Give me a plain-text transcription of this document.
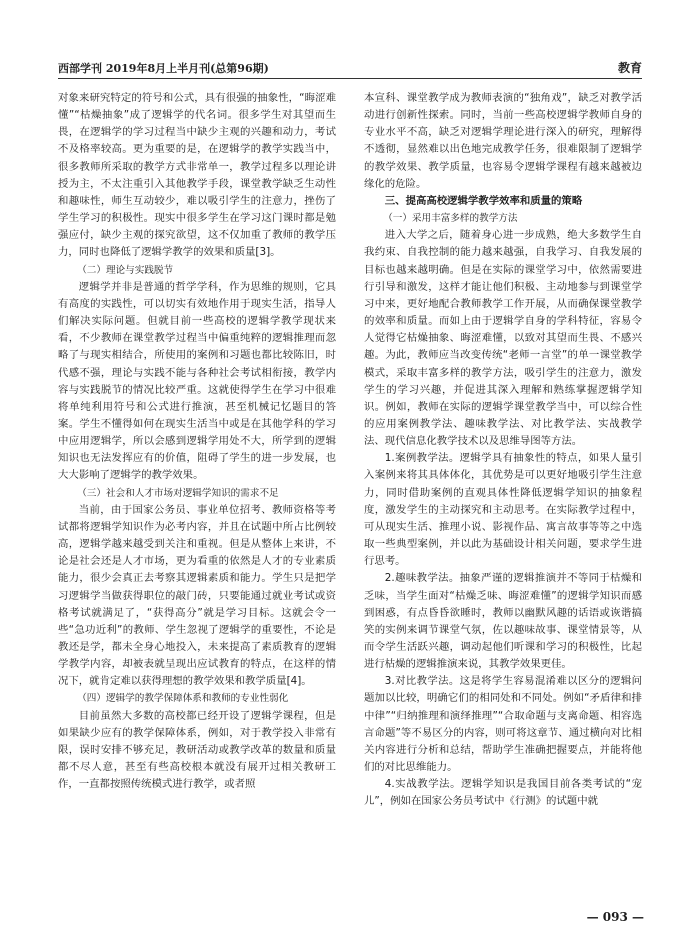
西部学刊 2019年8月上半月刊(总第96期)	教育

对象来研究特定的符号和公式，具有很强的抽象性，“晦涩难懂”“枯燥抽象”成了逻辑学的代名词。很多学生对其望而生畏，在逻辑学的学习过程当中缺少主观的兴趣和动力，考试不及格率较高。更为重要的是，在逻辑学的教学实践当中，很多教师所采取的教学方式非常单一，教学过程多以理论讲授为主，不太注重引入其他教学手段，课堂教学缺乏生动性和趣味性，师生互动较少，难以吸引学生的注意力，挫伤了学生学习的积极性。现实中很多学生在学习这门课时都是勉强应付，缺少主观的探究欲望，这不仅加重了教师的教学压力，同时也降低了逻辑学教学的效果和质量[3]。

（二）理论与实践脱节

逻辑学并非是普通的哲学学科，作为思维的规则，它具有高度的实践性，可以切实有效地作用于现实生活，指导人们解决实际问题。但就目前一些高校的逻辑学教学现状来看，不少教师在课堂教学过程当中偏重纯粹的逻辑推理而忽略了与现实相结合，所使用的案例和习题也都比较陈旧，时代感不强，理论与实践不能与各种社会考试相衔接，教学内容与实践脱节的情况比较严重。这就使得学生在学习中很难将单纯利用符号和公式进行推演，甚至机械记忆题目的答案。学生不懂得如何在现实生活当中或是在其他学科的学习中应用逻辑学，所以会感到逻辑学用处不大，所学到的逻辑知识也无法发挥应有的价值，阻碍了学生的进一步发展，也大大影响了逻辑学的教学效果。

（三）社会和人才市场对逻辑学知识的需求不足

当前，由于国家公务员、事业单位招考、教师资格等考试都将逻辑学知识作为必考内容，并且在试题中所占比例较高，逻辑学越来越受到关注和重视。但是从整体上来讲，不论是社会还是人才市场，更为看重的依然是人才的专业素质能力，很少会真正去考察其逻辑素质和能力。学生只是把学习逻辑学当做获得职位的敲门砖，只要能通过就业考试或资格考试就满足了，“获得高分”就是学习目标。这就会令一些“急功近利”的教师、学生忽视了逻辑学的重要性，不论是教还是学，都未全身心地投入，未来提高了素质教育的逻辑学教学内容，却被表就呈现出应试教育的特点，在这样的情况下，就肯定难以获得理想的教学效果和教学质量[4]。

（四）逻辑学的教学保障体系和教师的专业性弱化

目前虽然大多数的高校都已经开设了逻辑学课程，但是如果缺少应有的教学保障体系，例如，对于教学投入非常有限，误时安排不够充足，教研活动或教学改革的数量和质量都不尽人意，甚至有些高校根本就没有展开过相关教研工作，一直都按照传统模式进行教学，或者照

本宣科、课堂教学成为教师表演的“独角戏”，缺乏对教学活动进行创新性探索。同时，当前一些高校逻辑学教师自身的专业水平不高，缺乏对逻辑学理论进行深入的研究，理解得不透彻，显然难以出色地完成教学任务，很难限制了逻辑学的教学效果、教学质量，也容易令逻辑学课程有越来越被边缘化的危险。

三、提高高校逻辑学教学效率和质量的策略

（一）采用丰富多样的教学方法

进入大学之后，随着身心进一步成熟，绝大多数学生自我约束、自我控制的能力越来越强，自我学习、自我发展的目标也越来越明确。但是在实际的课堂学习中，依然需要进行引导和激发，这样才能让他们积极、主动地参与到课堂学习中来，更好地配合教师教学工作开展，从而确保课堂教学的效率和质量。而如上由于逻辑学自身的学科特征，容易令人觉得它枯燥抽象、晦涩难懂，以致对其望而生畏、不感兴趣。为此，教师应当改变传统“老师一言堂”的单一课堂教学模式，采取丰富多样的教学方法，吸引学生的注意力，激发学生的学习兴趣，并促进其深入理解和熟练掌握逻辑学知识。例如，教师在实际的逻辑学课堂教学当中，可以综合性的应用案例教学法、趣味教学法、对比教学法、实战教学法、现代信息化教学技术以及思维导图等方法。

1.案例教学法。逻辑学具有抽象性的特点，如果人量引入案例来将其具体体化，其优势是可以更好地吸引学生注意力，同时借助案例的直观具体性降低逻辑学知识的抽象程度，激发学生的主动探究和主动思考。在实际教学过程中，可从现实生活、推理小说、影视作品、寓言故事等等之中选取一些典型案例，并以此为基础设计相关问题，要求学生进行思考。

2.趣味教学法。抽象严谨的逻辑推演并不等同于枯燥和乏味，当学生面对“枯燥乏味、晦涩难懂”的逻辑学知识而感到困惑，有点昏昏欲睡时，教师以幽默风趣的话语或诙谐搞笑的实例来调节课堂气氛，佐以趣味故事、课堂情景等，从而令学生活跃兴趣，调动起他们听课和学习的积极性，比起进行枯燥的逻辑推演来说，其教学效果更佳。

3.对比教学法。这是将学生容易混淆难以区分的逻辑问题加以比较，明确它们的相同处和不同处。例如“矛盾律和排中律”“归纳推理和演绎推理”“合取命题与支离命题、相容选言命题”等不易区分的内容，则可将这章节、通过横向对比相关内容进行分析和总结，帮助学生准确把握要点，并能将他们的对比思维能力。

4.实战教学法。逻辑学知识是我国目前各类考试的“宠儿”，例如在国家公务员考试中《行测》的试题中就

— 093 —
